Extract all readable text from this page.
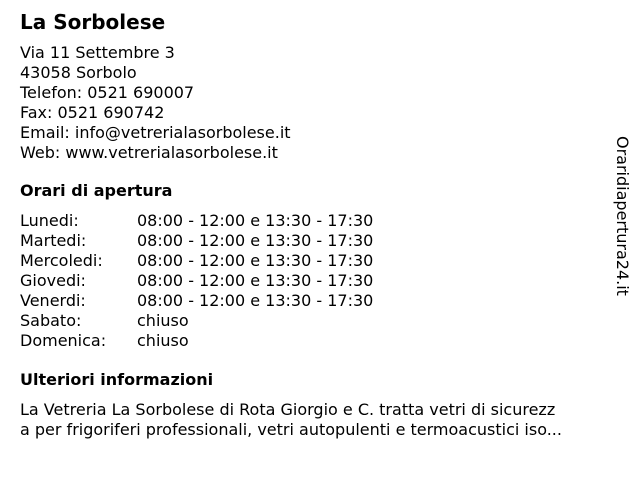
La Sorbolese
Via 11 Settembre 3
43058 Sorbolo
Telefon: 0521 690007
Fax: 0521 690742
Email: info@vetrerialasorbolese.it
Web: www.vetrerialasorbolese.it
Orari di apertura
Lunedi:	08:00 - 12:00 e 13:30 - 17:30
Martedi:	08:00 - 12:00 e 13:30 - 17:30
Mercoledi:	08:00 - 12:00 e 13:30 - 17:30
Giovedi:	08:00 - 12:00 e 13:30 - 17:30
Venerdi:	08:00 - 12:00 e 13:30 - 17:30
Sabato:	chiuso
Domenica:	chiuso
Ulteriori informazioni
La Vetreria La Sorbolese di Rota Giorgio e C. tratta vetri di sicurezz
a per frigoriferi professionali, vetri autopulenti e termoacustici iso...
Oraridiapertura24.it
